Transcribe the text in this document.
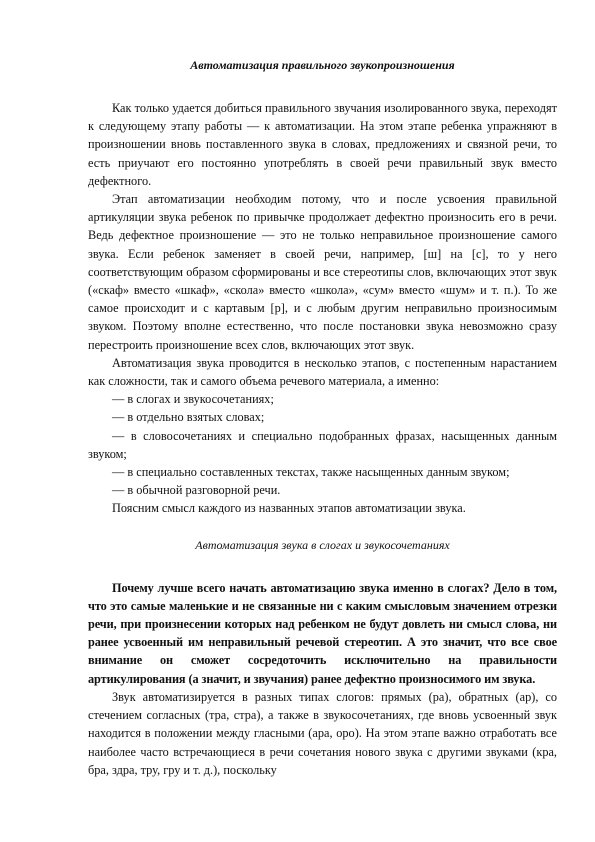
Автоматизация правильного звукопроизношения

Как только удается добиться правильного звучания изолированного звука, переходят к следующему этапу работы — к автоматизации. На этом этапе ребенка упражняют в произношении вновь поставленного звука в словах, предложениях и связной речи, то есть приучают его постоянно употреблять в своей речи правильный звук вместо дефектного.

Этап автоматизации необходим потому, что и после усвоения правильной артикуляции звука ребенок по привычке продолжает дефектно произносить его в речи. Ведь дефектное произношение — это не только неправильное произношение самого звука. Если ребенок заменяет в своей речи, например, [ш] на [с], то у него соответствующим образом сформированы и все стереотипы слов, включающих этот звук («скаф» вместо «шкаф», «скола» вместо «школа», «сум» вместо «шум» и т. п.). То же самое происходит и с картавым [р], и с любым другим неправильно произносимым звуком. Поэтому вполне естественно, что после постановки звука невозможно сразу перестроить произношение всех слов, включающих этот звук.

Автоматизация звука проводится в несколько этапов, с постепенным нарастанием как сложности, так и самого объема речевого материала, а именно:

— в слогах и звукосочетаниях;

— в отдельно взятых словах;

— в словосочетаниях и специально подобранных фразах, насыщенных данным звуком;

— в специально составленных текстах, также насыщенных данным звуком;

— в обычной разговорной речи.

Поясним смысл каждого из названных этапов автоматизации звука.

Автоматизация звука в слогах и звукосочетаниях

Почему лучше всего начать автоматизацию звука именно в слогах? Дело в том, что это самые маленькие и не связанные ни с каким смысловым значением отрезки речи, при произнесении которых над ребенком не будут довлеть ни смысл слова, ни ранее усвоенный им неправильный речевой стереотип. А это значит, что все свое внимание он сможет сосредоточить исключительно на правильности артикулирования (а значит, и звучания) ранее дефектно произносимого им звука.

Звук автоматизируется в разных типах слогов: прямых (ра), обратных (ар), со стечением согласных (тра, стра), а также в звукосочетаниях, где вновь усвоенный звук находится в положении между гласными (ара, оро). На этом этапе важно отработать все наиболее часто встречающиеся в речи сочетания нового звука с другими звуками (кра, бра, здра, тру, гру и т. д.), поскольку
